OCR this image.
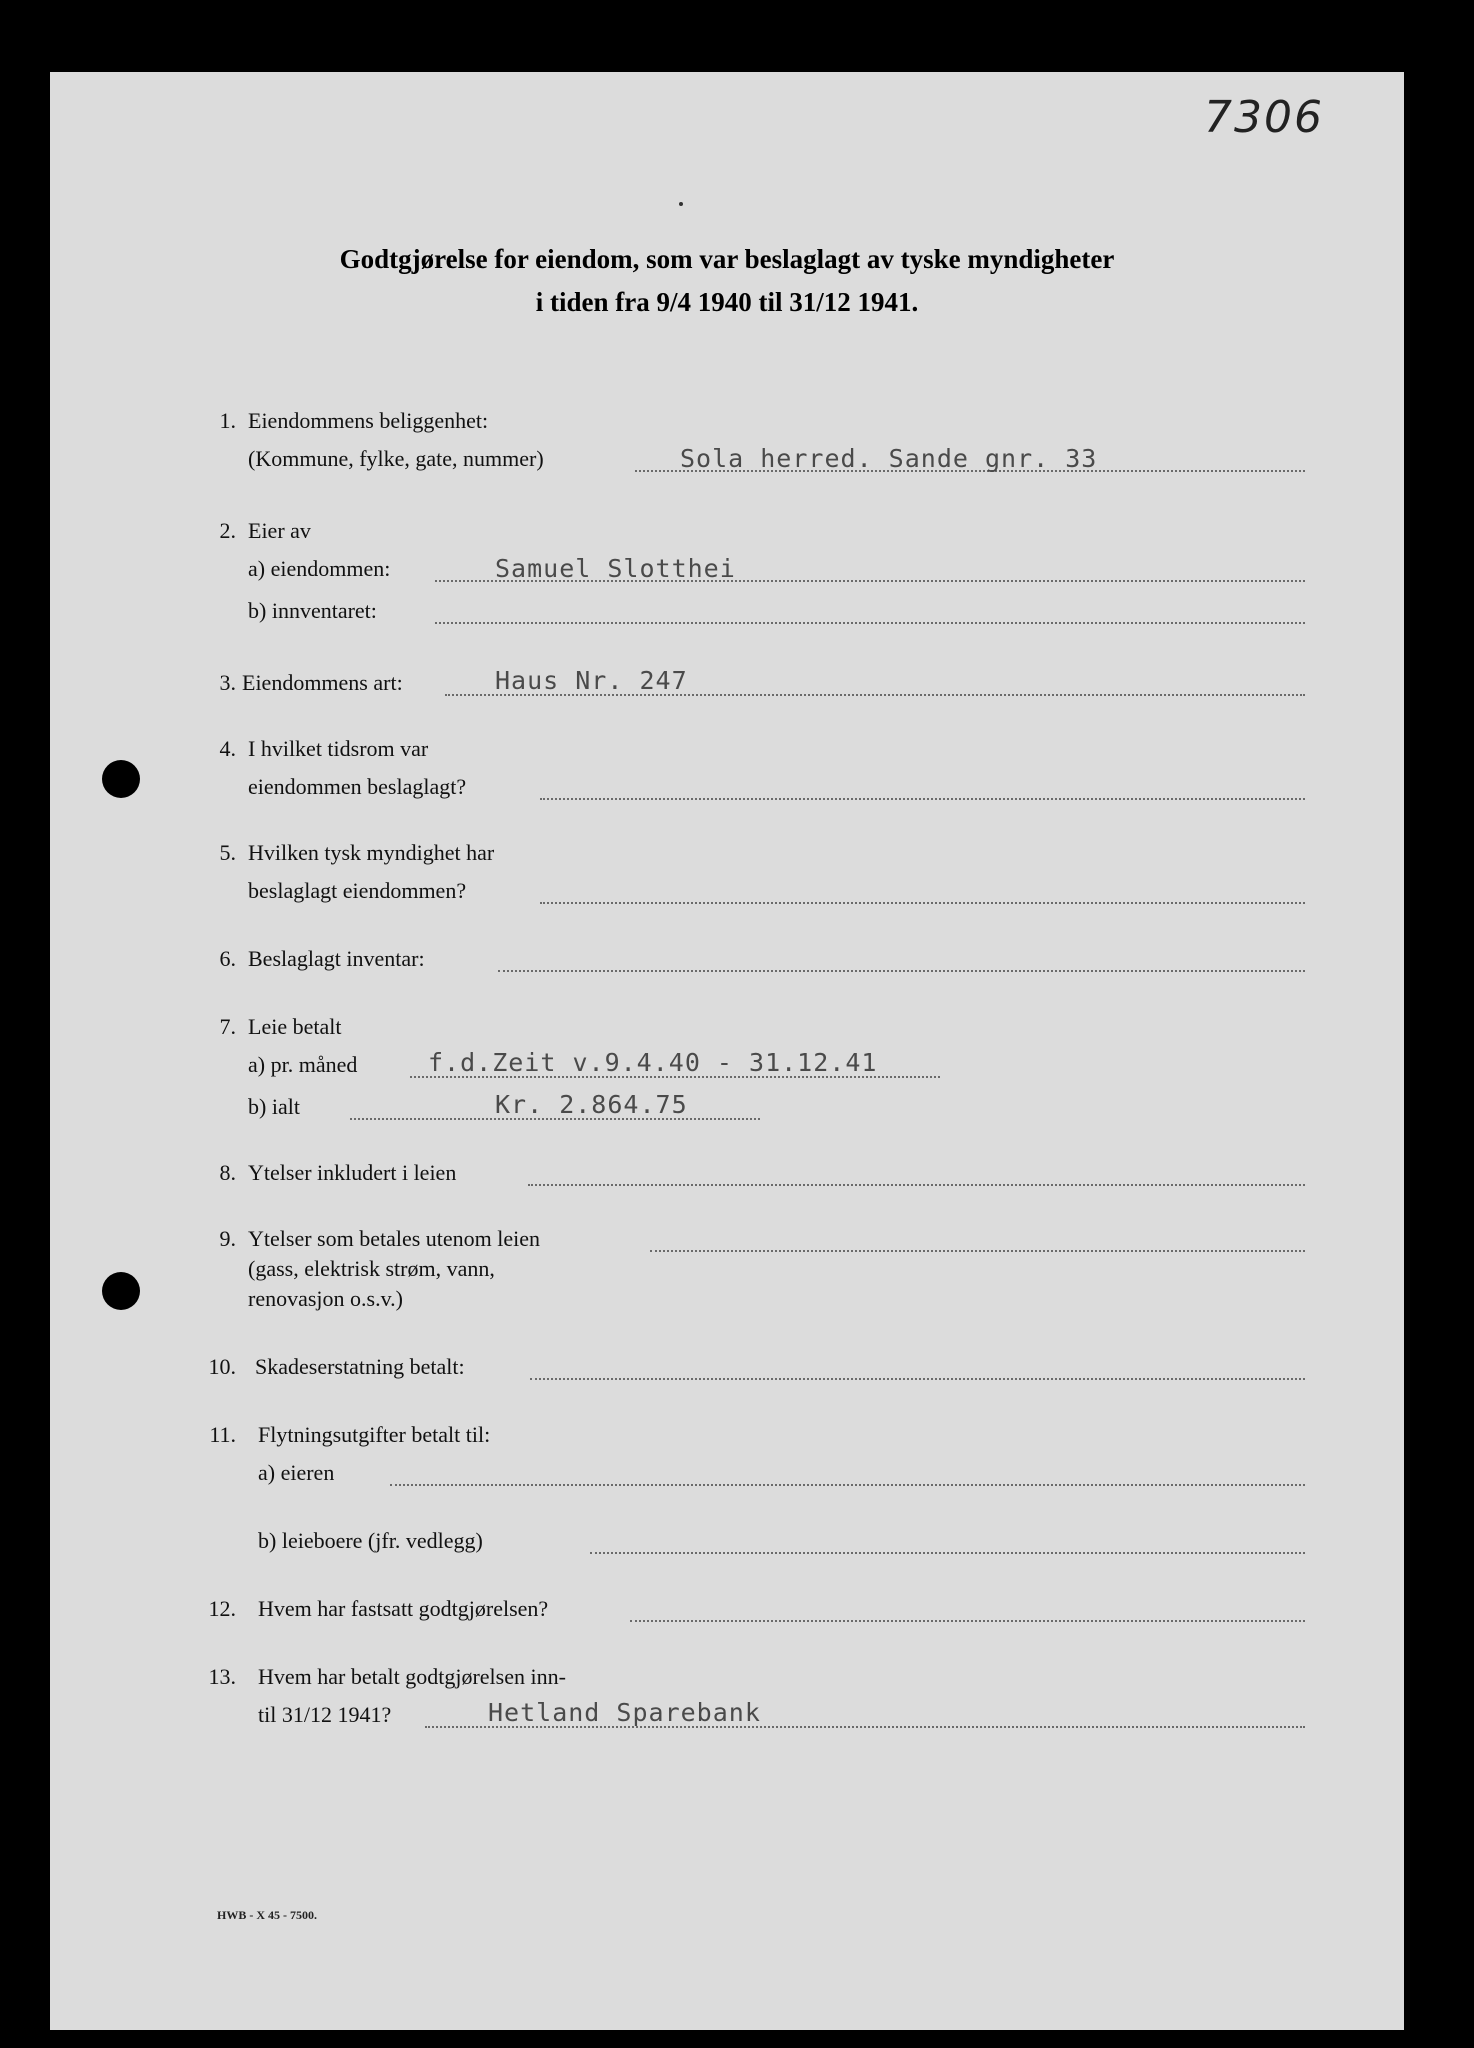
7306
Godtgjørelse for eiendom, som var beslaglagt av tyske myndigheter
i tiden fra 9/4 1940 til 31/12 1941.
1. Eiendommens beliggenhet:
(Kommune, fylke, gate, nummer)	Sola herred. Sande gnr. 33
2. Eier av
a) eiendommen:	Samuel Slotthei
b) innventaret:
3. Eiendommens art:	Haus Nr. 247
4. I hvilket tidsrom var
eiendommen beslaglagt?
5. Hvilken tysk myndighet har
beslaglagt eiendommen?
6. Beslaglagt inventar:
7. Leie betalt
a) pr. måned	f.d.Zeit v.9.4.40 - 31.12.41
b) ialt	Kr. 2.864.75
8. Ytelser inkludert i leien
9. Ytelser som betales utenom leien
(gass, elektrisk strøm, vann,
renovasjon o.s.v.)
10. Skadeserstatning betalt:
11. Flytningsutgifter betalt til:
a) eieren
b) leieboere (jfr. vedlegg)
12. Hvem har fastsatt godtgjørelsen?
13. Hvem har betalt godtgjørelsen inn-
til 31/12 1941?	Hetland Sparebank
HWB - X 45 - 7500.
